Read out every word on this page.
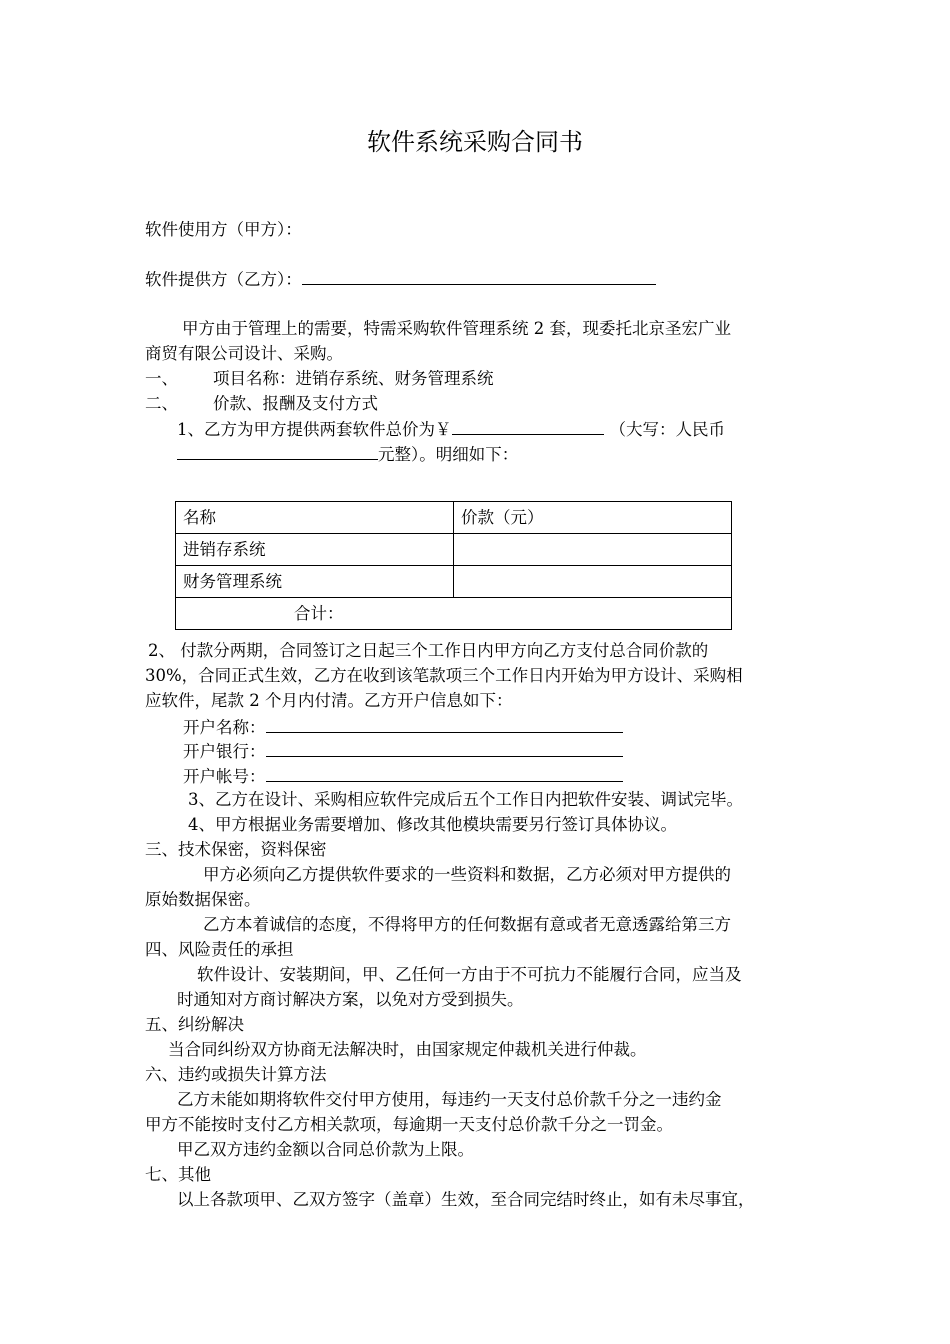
软件系统采购合同书
软件使用方（甲方）：
软件提供方（乙方）：
甲方由于管理上的需要，特需采购软件管理系统 2 套，现委托北京圣宏广业
商贸有限公司设计、采购。
一、 项目名称：进销存系统、财务管理系统
二、 价款、报酬及支付方式
1、乙方为甲方提供两套软件总价为￥	（大写：人民币
元整）。明细如下：
名称	价款（元）
进销存系统	
财务管理系统	
合计：	
2、 付款分两期，合同签订之日起三个工作日内甲方向乙方支付总合同价款的
30%，合同正式生效，乙方在收到该笔款项三个工作日内开始为甲方设计、采购相
应软件，尾款 2 个月内付清。乙方开户信息如下：
开户名称：
开户银行：
开户帐号：
3、乙方在设计、采购相应软件完成后五个工作日内把软件安装、调试完毕。
4、甲方根据业务需要增加、修改其他模块需要另行签订具体协议。
三、技术保密，资料保密
甲方必须向乙方提供软件要求的一些资料和数据，乙方必须对甲方提供的
原始数据保密。
乙方本着诚信的态度，不得将甲方的任何数据有意或者无意透露给第三方
四、风险责任的承担
软件设计、安装期间，甲、乙任何一方由于不可抗力不能履行合同，应当及
时通知对方商讨解决方案，以免对方受到损失。
五、纠纷解决
当合同纠纷双方协商无法解决时，由国家规定仲裁机关进行仲裁。
六、违约或损失计算方法
乙方未能如期将软件交付甲方使用，每违约一天支付总价款千分之一违约金
甲方不能按时支付乙方相关款项，每逾期一天支付总价款千分之一罚金。
甲乙双方违约金额以合同总价款为上限。
七、其他
以上各款项甲、乙双方签字（盖章）生效，至合同完结时终止，如有未尽事宜，
